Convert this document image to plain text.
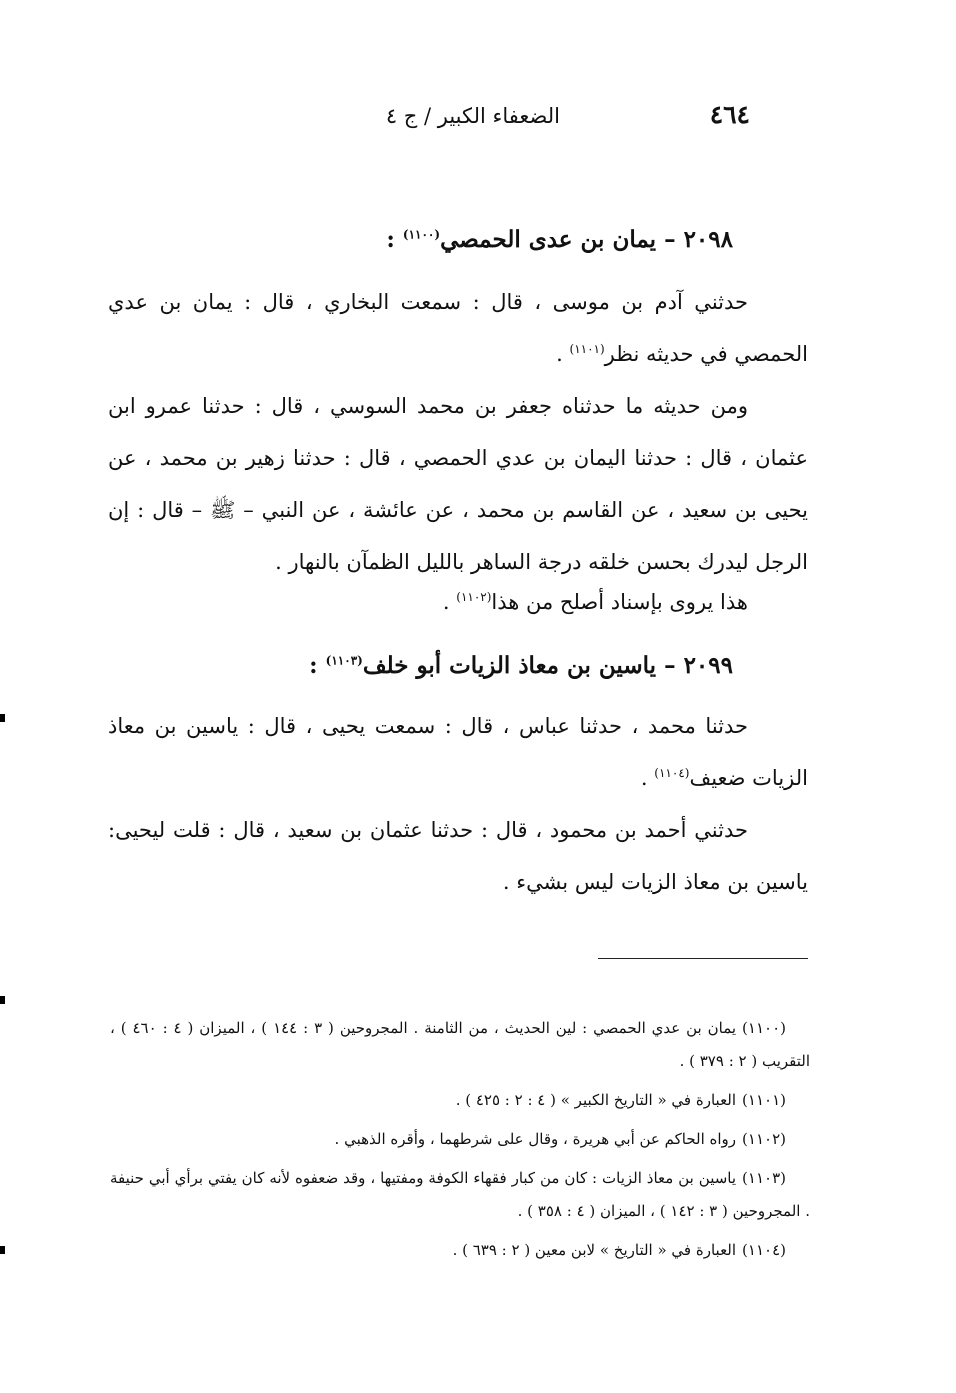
٤٦٤
الضعفاء الكبير / ج ٤
٢٠٩٨ – يمان بن عدى الحمصي$^{(١١٠٠)}$ :
حدثني آدم بن موسى ، قال : سمعت البخاري ، قال : يمان بن عدي الحمصي في حديثه نظر$^{(١١٠١)}$ .
ومن حديثه ما حدثناه جعفر بن محمد السوسي ، قال : حدثنا عمرو ابن عثمان ، قال : حدثنا اليمان بن عدي الحمصي ، قال : حدثنا زهير بن محمد ، عن يحيى بن سعيد ، عن القاسم بن محمد ، عن عائشة ، عن النبي – ﷺ – قال : إن الرجل ليدرك بحسن خلقه درجة الساهر بالليل الظمآن بالنهار .
هذا يروى بإسناد أصلح من هذا$^{(١١٠٢)}$ .
٢٠٩٩ – ياسين بن معاذ الزيات أبو خلف$^{(١١٠٣)}$ :
حدثنا محمد ، حدثنا عباس ، قال : سمعت يحيى ، قال : ياسين بن معاذ الزيات ضعيف$^{(١١٠٤)}$ .
حدثني أحمد بن محمود ، قال : حدثنا عثمان بن سعيد ، قال : قلت ليحيى: ياسين بن معاذ الزيات ليس بشيء .
(١١٠٠)يمان بن عدي الحمصي : لين الحديث ، من الثامنة . المجروحين ( ٣ : ١٤٤ ) ، الميزان ( ٤ : ٤٦٠ ) ، التقريب ( ٢ : ٣٧٩ ) .
(١١٠١)العبارة في « التاريخ الكبير » ( ٤ : ٢ : ٤٢٥ ) .
(١١٠٢)رواه الحاكم عن أبي هريرة ، وقال على شرطهما ، وأقره الذهبي .
(١١٠٣)ياسين بن معاذ الزيات : كان من كبار فقهاء الكوفة ومفتيها ، وقد ضعفوه لأنه كان يفتي برأي أبي حنيفة . المجروحين ( ٣ : ١٤٢ ) ، الميزان ( ٤ : ٣٥٨ ) .
(١١٠٤)العبارة في « التاريخ » لابن معين ( ٢ : ٦٣٩ ) .
